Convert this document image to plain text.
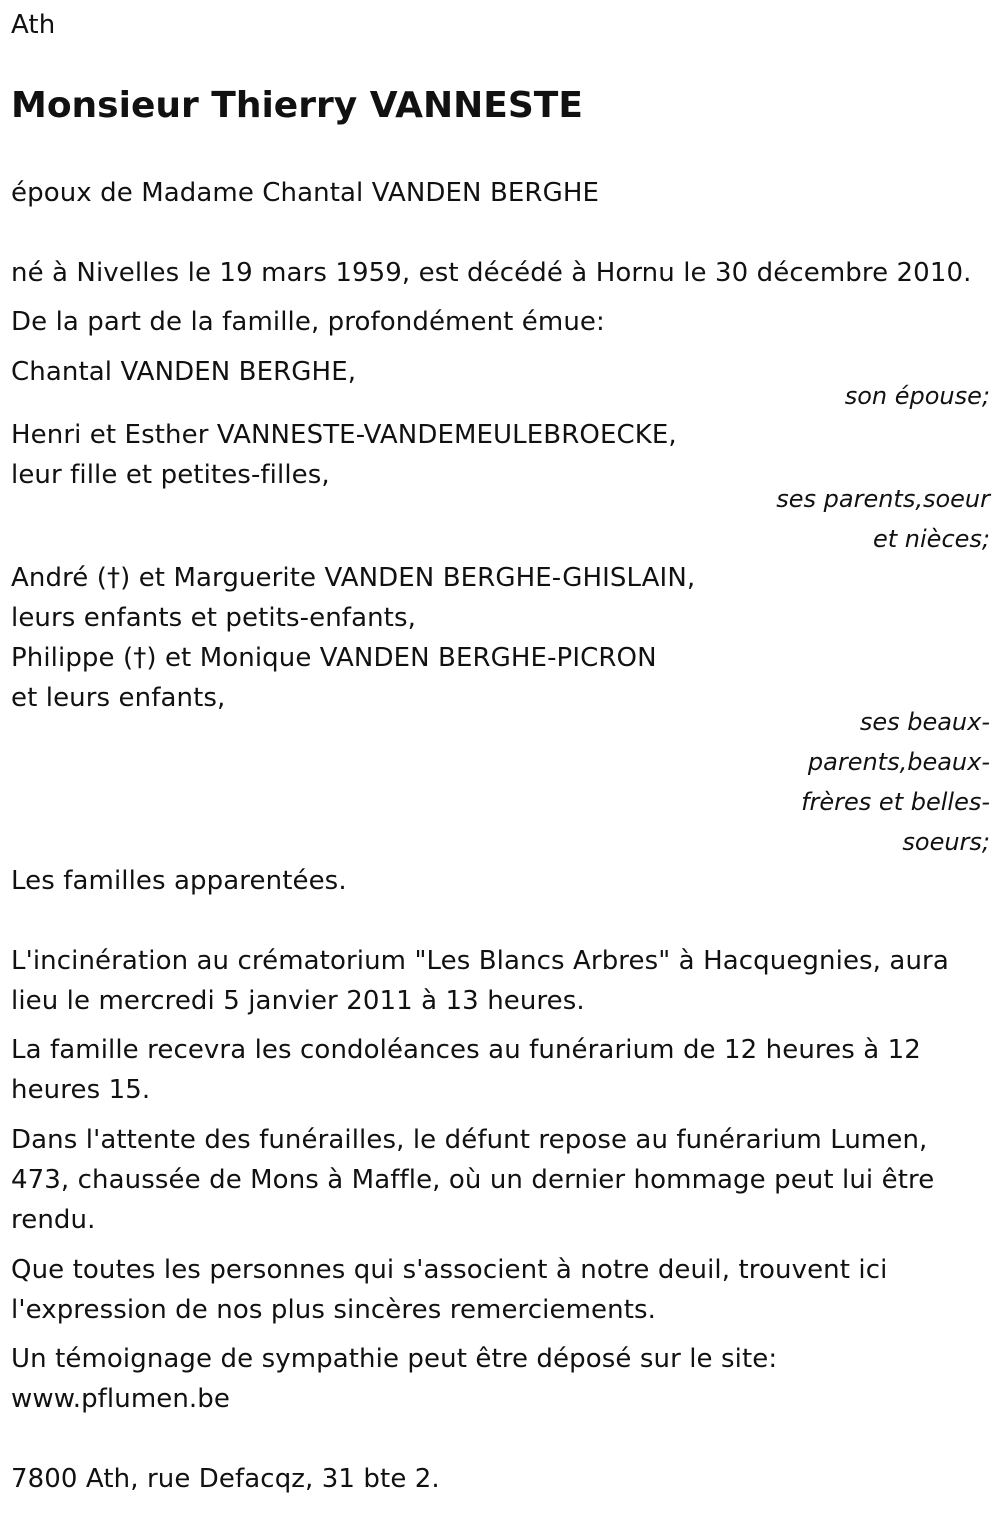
Ath
Monsieur Thierry VANNESTE
époux de Madame Chantal VANDEN BERGHE
né à Nivelles le 19 mars 1959, est décédé à Hornu le 30 décembre 2010.
De la part de la famille, profondément émue:
Chantal VANDEN BERGHE,
son épouse;
Henri et Esther VANNESTE-VANDEMEULEBROECKE,
leur fille et petites-filles,
ses parents,soeur
et nièces;
André (†) et Marguerite VANDEN BERGHE-GHISLAIN,
leurs enfants et petits-enfants,
Philippe (†) et Monique VANDEN BERGHE-PICRON
et leurs enfants,
ses beaux-
parents,beaux-
frères et belles-
soeurs;
Les familles apparentées.
L'incinération au crématorium "Les Blancs Arbres" à Hacquegnies, aura
lieu le mercredi 5 janvier 2011 à 13 heures.
La famille recevra les condoléances au funérarium de 12 heures à 12
heures 15.
Dans l'attente des funérailles, le défunt repose au funérarium Lumen,
473, chaussée de Mons à Maffle, où un dernier hommage peut lui être
rendu.
Que toutes les personnes qui s'associent à notre deuil, trouvent ici
l'expression de nos plus sincères remerciements.
Un témoignage de sympathie peut être déposé sur le site:
www.pflumen.be
7800 Ath, rue Defacqz, 31 bte 2.
